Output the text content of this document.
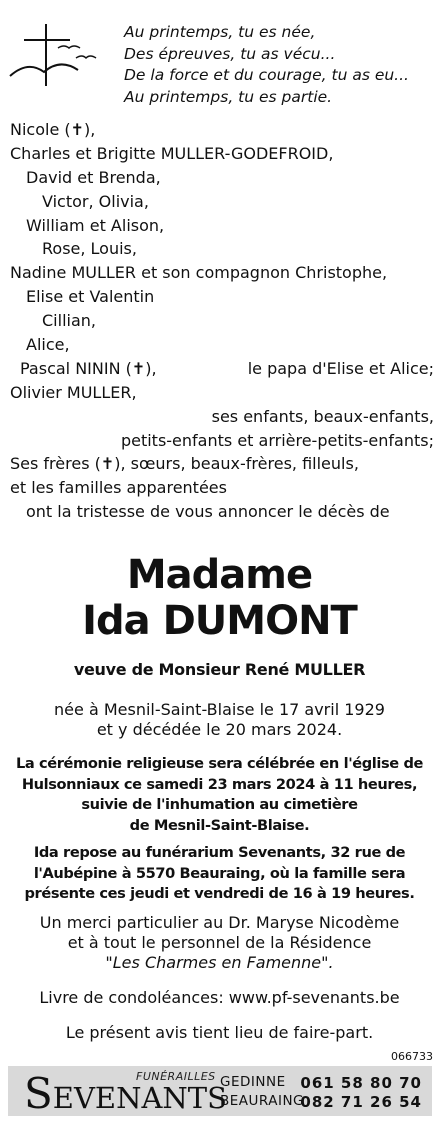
Au printemps, tu es née,
Des épreuves, tu as vécu...
De la force et du courage, tu as eu...
Au printemps, tu es partie.
Nicole (✝),
Charles et Brigitte MULLER-GODEFROID,
David et Brenda,
Victor, Olivia,
William et Alison,
Rose, Louis,
Nadine MULLER et son compagnon Christophe,
Elise et Valentin
Cillian,
Alice,
Pascal NININ (✝),	le papa d'Elise et Alice;
Olivier MULLER,
ses enfants, beaux-enfants,
petits-enfants et arrière-petits-enfants;
Ses frères (✝), sœurs, beaux-frères, filleuls,
et les familles apparentées
ont la tristesse de vous annoncer le décès de
Madame
Ida DUMONT
veuve de Monsieur René MULLER
née à Mesnil-Saint-Blaise le 17 avril 1929
et y décédée le 20 mars 2024.
La cérémonie religieuse sera célébrée en l'église de
Hulsonniaux ce samedi 23 mars 2024 à 11 heures,
suivie de l'inhumation au cimetière
de Mesnil-Saint-Blaise.
Ida repose au funérarium Sevenants, 32 rue de
l'Aubépine à 5570 Beauraing, où la famille sera
présente ces jeudi et vendredi de 16 à 19 heures.
Un merci particulier au Dr. Maryse Nicodème
et à tout le personnel de la Résidence
"Les Charmes en Famenne".
Livre de condoléances: www.pf-sevenants.be
Le présent avis tient lieu de faire-part.
066733
FUNÉRAILLES
SEVENANTS
GEDINNE 061 58 80 70
BEAURAING
082 71 26 54
